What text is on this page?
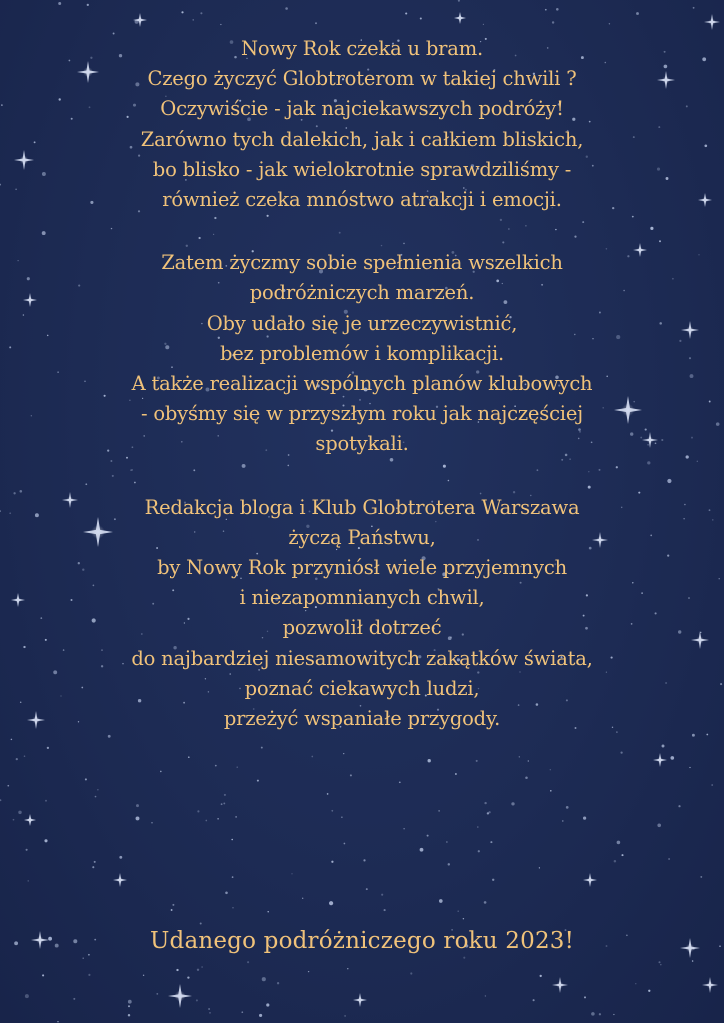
Nowy Rok czeka u bram.
Czego życzyć Globtroterom w takiej chwili ?
Oczywiście - jak najciekawszych podróży!
Zarówno tych dalekich, jak i całkiem bliskich,
bo blisko - jak wielokrotnie sprawdziliśmy -
również czeka mnóstwo atrakcji i emocji.
Zatem życzmy sobie spełnienia wszelkich
podróżniczych marzeń.
Oby udało się je urzeczywistnić,
bez problemów i komplikacji.
A także realizacji wspólnych planów klubowych
- obyśmy się w przyszłym roku jak najczęściej
spotykali.
Redakcja bloga i Klub Globtrotera Warszawa
życzą Państwu,
by Nowy Rok przyniósł wiele przyjemnych
i niezapomnianych chwil,
pozwolił dotrzeć
do najbardziej niesamowitych zakątków świata,
poznać ciekawych ludzi,
przeżyć wspaniałe przygody.
Udanego podróżniczego roku 2023!
